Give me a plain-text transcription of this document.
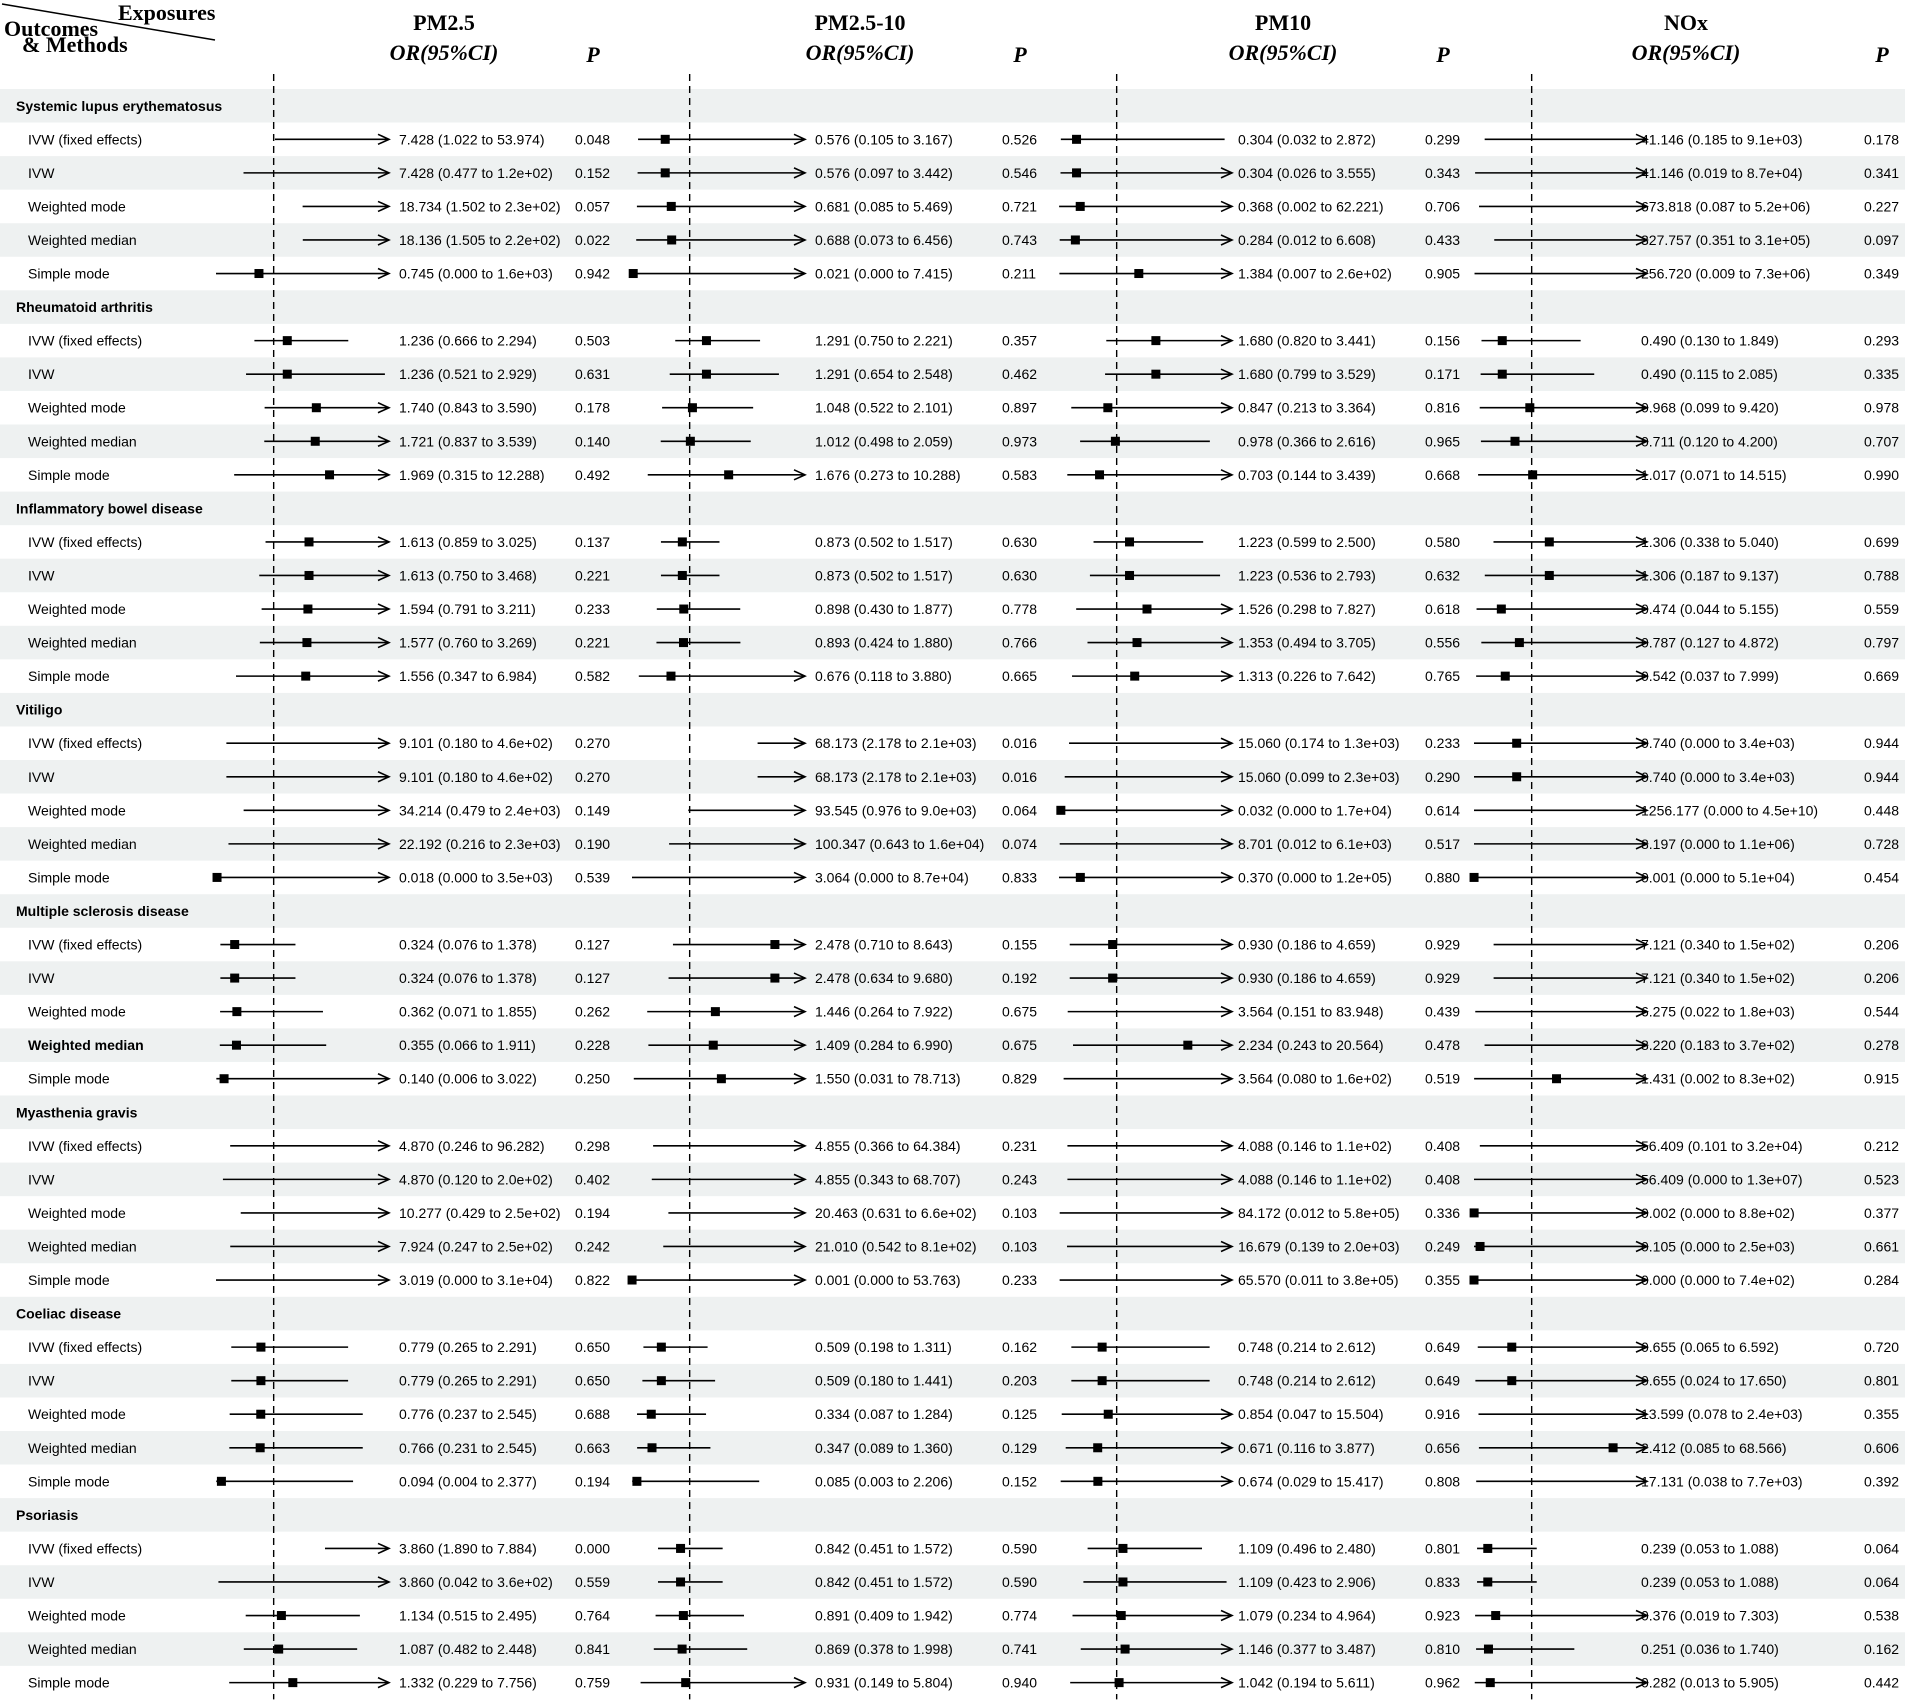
Exposures
Outcomes
& Methods
PM2.5
OR(95%CI)	P
PM2.5-10
OR(95%CI)	P
PM10
OR(95%CI)	P
NOx
OR(95%CI)	P
Systemic lupus erythematosus
IVW (fixed effects)	7.428 (1.022 to 53.974) 0.048	0.576 (0.105 to 3.167)	0.526	0.304 (0.032 to 2.872)	0.299	41.146 (0.185 to 9.1e+03)	0.178
IVW	7.428 (0.477 to 1.2e+02) 0.152	0.576 (0.097 to 3.442)	0.546	0.304 (0.026 to 3.555)	0.343	41.146 (0.019 to 8.7e+04)	0.341
Weighted mode	18.734 (1.502 to 2.3e+02) 0.057	0.681 (0.085 to 5.469)	0.721	0.368 (0.002 to 62.221)	0.706	673.818 (0.087 to 5.2e+06)	0.227
Weighted median	18.136 (1.505 to 2.2e+02) 0.022	0.688 (0.073 to 6.456)	0.743	0.284 (0.012 to 6.608)	0.433	327.757 (0.351 to 3.1e+05)	0.097
Simple mode	0.745 (0.000 to 1.6e+03) 0.942	0.021 (0.000 to 7.415)	0.211	1.384 (0.007 to 2.6e+02) 0.905	256.720 (0.009 to 7.3e+06)	0.349
Rheumatoid arthritis
IVW (fixed effects)	1.236 (0.666 to 2.294)	0.503	1.291 (0.750 to 2.221)	0.357	1.680 (0.820 to 3.441)	0.156	0.490 (0.130 to 1.849)	0.293
IVW	1.236 (0.521 to 2.929)	0.631	1.291 (0.654 to 2.548)	0.462	1.680 (0.799 to 3.529)	0.171	0.490 (0.115 to 2.085)	0.335
Weighted mode	1.740 (0.843 to 3.590)	0.178	1.048 (0.522 to 2.101)	0.897	0.847 (0.213 to 3.364)	0.816	0.968 (0.099 to 9.420)	0.978
Weighted median	1.721 (0.837 to 3.539)	0.140	1.012 (0.498 to 2.059)	0.973	0.978 (0.366 to 2.616)	0.965	0.711 (0.120 to 4.200)	0.707
Simple mode	1.969 (0.315 to 12.288) 0.492	1.676 (0.273 to 10.288)	0.583	0.703 (0.144 to 3.439)	0.668	1.017 (0.071 to 14.515)	0.990
Inflammatory bowel disease
IVW (fixed effects)	1.613 (0.859 to 3.025)	0.137	0.873 (0.502 to 1.517)	0.630	1.223 (0.599 to 2.500)	0.580	1.306 (0.338 to 5.040)	0.699
IVW	1.613 (0.750 to 3.468)	0.221	0.873 (0.502 to 1.517)	0.630	1.223 (0.536 to 2.793)	0.632	1.306 (0.187 to 9.137)	0.788
Weighted mode	1.594 (0.791 to 3.211)	0.233	0.898 (0.430 to 1.877)	0.778	1.526 (0.298 to 7.827)	0.618	0.474 (0.044 to 5.155)	0.559
Weighted median	1.577 (0.760 to 3.269)	0.221	0.893 (0.424 to 1.880)	0.766	1.353 (0.494 to 3.705)	0.556	0.787 (0.127 to 4.872)	0.797
Simple mode	1.556 (0.347 to 6.984)	0.582	0.676 (0.118 to 3.880)	0.665	1.313 (0.226 to 7.642)	0.765	0.542 (0.037 to 7.999)	0.669
Vitiligo
IVW (fixed effects)	9.101 (0.180 to 4.6e+02) 0.270	68.173 (2.178 to 2.1e+03) 0.016	15.060 (0.174 to 1.3e+03) 0.233	0.740 (0.000 to 3.4e+03)	0.944
IVW	9.101 (0.180 to 4.6e+02) 0.270	68.173 (2.178 to 2.1e+03) 0.016	15.060 (0.099 to 2.3e+03) 0.290	0.740 (0.000 to 3.4e+03)	0.944
Weighted mode	34.214 (0.479 to 2.4e+03) 0.149	93.545 (0.976 to 9.0e+03) 0.064	0.032 (0.000 to 1.7e+04) 0.614	1256.177 (0.000 to 4.5e+10)	0.448
Weighted median	22.192 (0.216 to 2.3e+03) 0.190	100.347 (0.643 to 1.6e+04) 0.074	8.701 (0.012 to 6.1e+03) 0.517	8.197 (0.000 to 1.1e+06)	0.728
Simple mode	0.018 (0.000 to 3.5e+03) 0.539	3.064 (0.000 to 8.7e+04) 0.833	0.370 (0.000 to 1.2e+05) 0.880	0.001 (0.000 to 5.1e+04)	0.454
Multiple sclerosis disease
IVW (fixed effects)	0.324 (0.076 to 1.378)	0.127	2.478 (0.710 to 8.643)	0.155	0.930 (0.186 to 4.659)	0.929	7.121 (0.340 to 1.5e+02)	0.206
IVW	0.324 (0.076 to 1.378)	0.127	2.478 (0.634 to 9.680)	0.192	0.930 (0.186 to 4.659)	0.929	7.121 (0.340 to 1.5e+02)	0.206
Weighted mode	0.362 (0.071 to 1.855)	0.262	1.446 (0.264 to 7.922)	0.675	3.564 (0.151 to 83.948)	0.439	6.275 (0.022 to 1.8e+03)	0.544
Weighted median	0.355 (0.066 to 1.911)	0.228	1.409 (0.284 to 6.990)	0.675	2.234 (0.243 to 20.564)	0.478	8.220 (0.183 to 3.7e+02)	0.278
Simple mode	0.140 (0.006 to 3.022)	0.250	1.550 (0.031 to 78.713)	0.829	3.564 (0.080 to 1.6e+02) 0.519	1.431 (0.002 to 8.3e+02)	0.915
Myasthenia gravis
IVW (fixed effects)	4.870 (0.246 to 96.282) 0.298	4.855 (0.366 to 64.384)	0.231	4.088 (0.146 to 1.1e+02) 0.408	56.409 (0.101 to 3.2e+04)	0.212
IVW	4.870 (0.120 to 2.0e+02) 0.402	4.855 (0.343 to 68.707)	0.243	4.088 (0.146 to 1.1e+02) 0.408	56.409 (0.000 to 1.3e+07)	0.523
Weighted mode	10.277 (0.429 to 2.5e+02) 0.194	20.463 (0.631 to 6.6e+02) 0.103	84.172 (0.012 to 5.8e+05) 0.336	0.002 (0.000 to 8.8e+02)	0.377
Weighted median	7.924 (0.247 to 2.5e+02) 0.242	21.010 (0.542 to 8.1e+02) 0.103	16.679 (0.139 to 2.0e+03) 0.249	0.105 (0.000 to 2.5e+03)	0.661
Simple mode	3.019 (0.000 to 3.1e+04) 0.822	0.001 (0.000 to 53.763)	0.233	65.570 (0.011 to 3.8e+05) 0.355	0.000 (0.000 to 7.4e+02)	0.284
Coeliac disease
IVW (fixed effects)	0.779 (0.265 to 2.291)	0.650	0.509 (0.198 to 1.311)	0.162	0.748 (0.214 to 2.612)	0.649	0.655 (0.065 to 6.592)	0.720
IVW	0.779 (0.265 to 2.291)	0.650	0.509 (0.180 to 1.441)	0.203	0.748 (0.214 to 2.612)	0.649	0.655 (0.024 to 17.650)	0.801
Weighted mode	0.776 (0.237 to 2.545)	0.688	0.334 (0.087 to 1.284)	0.125	0.854 (0.047 to 15.504)	0.916	13.599 (0.078 to 2.4e+03)	0.355
Weighted median	0.766 (0.231 to 2.545)	0.663	0.347 (0.089 to 1.360)	0.129	0.671 (0.116 to 3.877)	0.656	2.412 (0.085 to 68.566)	0.606
Simple mode	0.094 (0.004 to 2.377)	0.194	0.085 (0.003 to 2.206)	0.152	0.674 (0.029 to 15.417)	0.808	17.131 (0.038 to 7.7e+03)	0.392
Psoriasis
IVW (fixed effects)	3.860 (1.890 to 7.884)	0.000	0.842 (0.451 to 1.572)	0.590	1.109 (0.496 to 2.480)	0.801	0.239 (0.053 to 1.088)	0.064
IVW	3.860 (0.042 to 3.6e+02) 0.559	0.842 (0.451 to 1.572)	0.590	1.109 (0.423 to 2.906)	0.833	0.239 (0.053 to 1.088)	0.064
Weighted mode	1.134 (0.515 to 2.495)	0.764	0.891 (0.409 to 1.942)	0.774	1.079 (0.234 to 4.964)	0.923	0.376 (0.019 to 7.303)	0.538
Weighted median	1.087 (0.482 to 2.448)	0.841	0.869 (0.378 to 1.998)	0.741	1.146 (0.377 to 3.487)	0.810	0.251 (0.036 to 1.740)	0.162
Simple mode	1.332 (0.229 to 7.756)	0.759	0.931 (0.149 to 5.804)	0.940	1.042 (0.194 to 5.611)	0.962	0.282 (0.013 to 5.905)	0.442
